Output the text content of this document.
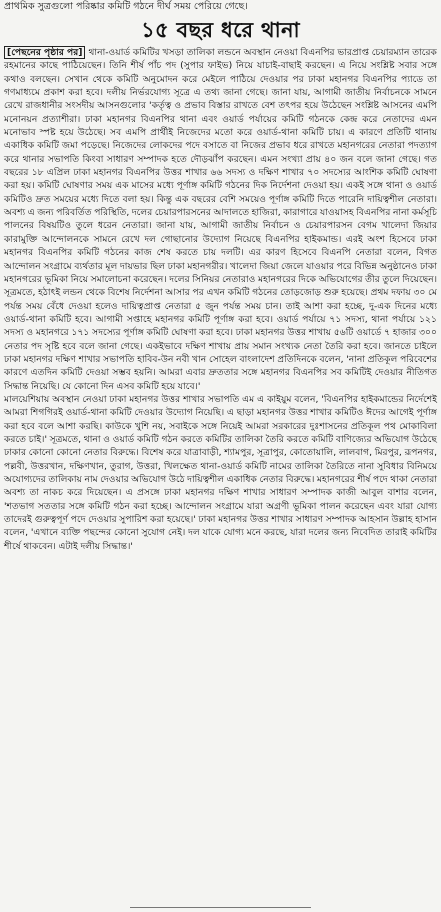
প্রাথমিক সুত্রগুলো পরিষ্কার কমিটি গঠনে দীর্ঘ সময় পেরিয়ে গেছে।
১৫ বছর ধরে থানা

[পেছনের পৃষ্ঠার পর] থানা-ওয়ার্ড কমিটির খসড়া তালিকা লন্ডনে অবস্থান নেওয়া বিএনপির ভারপ্রাপ্ত চেয়ারম্যান তারেক রহমানের কাছে পাঠিয়েছেন। তিনি শীর্ষ পাঁচ পদ (সুপার ফাইভ) নিয়ে যাচাই-বাছাই করছেন। এ নিয়ে সংশ্লিষ্ট সবার সঙ্গে কথাও বলছেন। সেখান থেকে কমিটি অনুমোদন করে মেইলে পাঠিয়ে দেওয়ার পর ঢাকা মহানগর বিএনপির প্যাডে তা গণমাধ্যমে প্রকাশ করা হবে। দলীয় নির্ভরযোগ্য সূত্রে এ তথ্য জানা গেছে। জানা যায়, আগামী জাতীয় নির্বাচনকে সামনে রেখে রাজধানীর সংসদীয় আসনগুলোর 'কর্তৃত্ব ও প্রভাব বিস্তার রাখতে বেশ তৎপর হয়ে উঠেছেন সংশ্লিষ্ট আসনের এমপি মনোনয়ন প্রত্যাশীরা। ঢাকা মহানগর বিএনপির থানা এবং ওয়ার্ড পর্যায়ের কমিটি গঠনকে কেন্দ্র করে নেতাদের এমন মনোভাব স্পষ্ট হয়ে উঠেছে। সব এমপি প্রার্থীই নিজেদের মতো করে ওয়ার্ড-থানা কমিটি চায়। এ কারণে প্রতিটি থানায় একাধিক কমিটি জমা পড়েছে। নিজেদের লোকদের পদে বসাতে বা নিজের প্রভাব ধরে রাখতে মহানগরের নেতারা পদত্যাগ করে থানার সভাপতি কিংবা সাধারণ সম্পাদক হতে দৌড়ঝাঁপ করছেন। এমন সংখ্যা প্রায় ৪০ জন বলে জানা গেছে। গত বছরের ১৮ এপ্রিল ঢাকা মহানগর বিএনপির উত্তর শাখার ৬৬ সদস্য ও দক্ষিণ শাখার ৭০ সদস্যের আংশিক কমিটি ঘোষণা করা হয়। কমিটি ঘোষণার সময় এক মাসের মধ্যে পূর্ণাঙ্গ কমিটি গঠনের দিক নির্দেশনা দেওয়া হয়। একই সঙ্গে থানা ও ওয়ার্ড কমিটিও দ্রুত সময়ের মধ্যে দিতে বলা হয়। কিন্তু এক বছরের বেশি সময়েও পূর্ণাঙ্গ কমিটি দিতে পারেনি দায়িত্বশীল নেতারা। অবশ্য এ জন্য পরিবর্তিত পরিস্থিতি, দলের চেয়ারপারসনের আদালতে হাজিরা, কারাগারে যাওয়াসহ বিএনপির নানা কর্মসূচি পালনের বিষয়টিও তুলে ধরেন নেতারা। জানা যায়, আগামী জাতীয় নির্বাচন ও চেয়ারপারসন বেগম খালেদা জিয়ার কারামুক্তি আন্দোলনকে সামনে রেখে দল গোছানোর উদ্যোগ নিয়েছে বিএনপির হাইকমান্ড। এরই অংশ হিসেবে ঢাকা মহানগর বিএনপির কমিটি গঠনের কাজ শেষ করতে চায় দলটি। এর কারণ হিসেবে বিএনপি নেতারা বলেন, বিগত আন্দোলন সংগ্রামে ব্যর্থতার মূল দায়ভার ছিল ঢাকা মহানগরীর। খালেদা জিয়া জেলে যাওয়ার পরে বিভিন্ন অনুষ্ঠানেও ঢাকা মহানগরের ভূমিকা নিয়ে সমালোচনা করেছেন। দলের সিনিয়র নেতারাও মহানগরের দিকে অভিযোগের তীর তুলে দিয়েছেন। সূত্রমতে, হঠাৎই লন্ডন থেকে বিশেষ নির্দেশনা আসার পর এখন কমিটি গঠনের তোড়জোড় শুরু হয়েছে। প্রথম দফায় ৩০ মে পর্যন্ত সময় বেঁধে দেওয়া হলেও দায়িত্বপ্রাপ্ত নেতারা ৫ জুন পর্যন্ত সময় চান। তাই আশা করা হচ্ছে, দু-এক দিনের মধ্যে ওয়ার্ড-থানা কমিটি হবে। আগামী সপ্তাহে মহানগর কমিটি পূর্ণাঙ্গ করা হবে। ওয়ার্ড পর্যায়ে ৭১ সদস্য, থানা পর্যায়ে ১২১ সদস্য ও মহানগরে ১৭১ সদস্যের পূর্ণাঙ্গ কমিটি ঘোষণা করা হবে। ঢাকা মহানগর উত্তর শাখায় ৫৬টি ওয়ার্ডে ৭ হাজার ৩০০ নেতার পদ সৃষ্টি হবে বলে জানা গেছে। একইভাবে দক্ষিণ শাখায় প্রায় সমান সংখ্যক নেতা তৈরি করা হবে। জানতে চাইলে ঢাকা মহানগর দক্ষিণ শাখার সভাপতি হাবিব-উন নবী খান সোহেল বাংলাদেশ প্রতিদিনকে বলেন, 'নানা প্রতিকূল পরিবেশের কারণে এতদিন কমিটি দেওয়া সম্ভব হয়নি। আমরা এবার দ্রুততার সঙ্গে মহানগর বিএনপির সব কমিটিই দেওয়ার নীতিগত সিদ্ধান্ত নিয়েছি। যে কোনো দিন এসব কমিটি হয়ে যাবে।'

মালয়েশিয়ায় অবস্থান নেওয়া ঢাকা মহানগর উত্তর শাখার সভাপতি এম এ কাইয়ুম বলেন, 'বিএনপির হাইকমান্ডের নির্দেশেই আমরা শিগগিরই ওয়ার্ড-থানা কমিটি দেওয়ার উদ্যোগ নিয়েছি। এ ছাড়া মহানগর উত্তর শাখার কমিটিও ঈদের আগেই পূর্ণাঙ্গ করা হবে বলে আশা করছি। কাউকে খুশি নয়, সবাইকে সঙ্গে নিয়েই আমরা সরকারের দুঃশাসনের প্রতিকূল পথ মোকাবিলা করতে চাই।' সূত্রমতে, থানা ও ওয়ার্ড কমিটি গঠন করতে কমিটির তালিকা তৈরি করতে কমিটি বাণিজ্যের অভিযোগ উঠেছে ঢাকার কোনো কোনো নেতার বিরুদ্ধে। বিশেষ করে যাত্রাবাড়ী, শ্যামপুর, সূত্রাপুর, কোতোয়ালি, লালবাগ, মিরপুর, রূপনগর, পল্লবী, উত্তরখান, দক্ষিণখান, তুরাগ, উত্তরা, খিলক্ষেত থানা-ওয়ার্ড কমিটি নামের তালিকা তৈরিতে নানা সুবিধার বিনিময়ে অযোগ্যদের তালিকায় নাম দেওয়ার অভিযোগ উঠে দায়িত্বশীল একাধিক নেতার বিরুদ্ধে। মহানগরের শীর্ষ পদে থাকা নেতারা অবশ্য তা নাকচ করে দিয়েছেন। এ প্রসঙ্গে ঢাকা মহানগর দক্ষিণ শাখার সাধারণ সম্পাদক কাজী আবুল বাশার বলেন, 'শতভাগ সততার সঙ্গে কমিটি গঠন করা হচ্ছে। আন্দোলন সংগ্রামে যারা অগ্রণী ভূমিকা পালন করেছেন এবং যারা যোগ্য তাদেরই গুরুত্বপূর্ণ পদে দেওয়ার সুপারিশ করা হয়েছে।' ঢাকা মহানগর উত্তর শাখার সাধারণ সম্পাদক আহসান উল্লাহ হাসান বলেন, 'এখানে ব্যক্তি পছন্দের কোনো সুযোগ নেই। দল যাকে যোগ্য মনে করছে, যারা দলের জন্য নিবেদিত তারাই কমিটির শীর্ষে থাকবেন। এটাই দলীয় সিদ্ধান্ত।'
